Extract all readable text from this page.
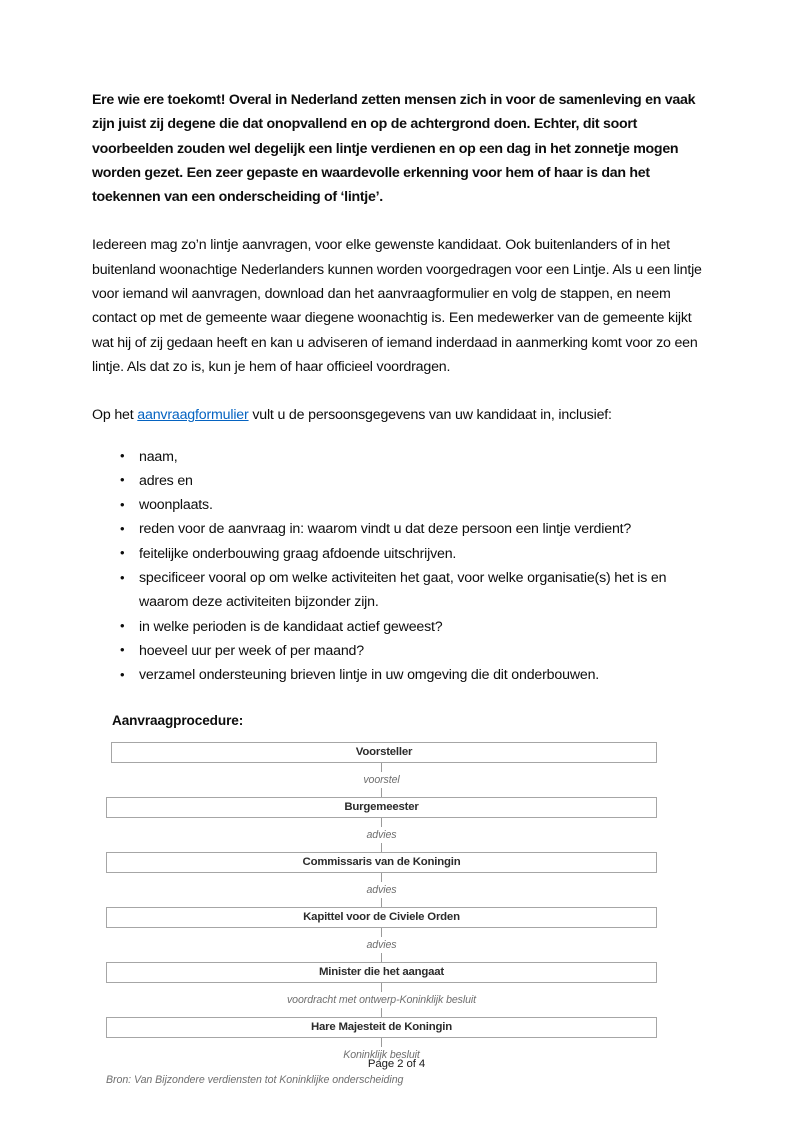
Ere wie ere toekomt! Overal in Nederland zetten mensen zich in voor de samenleving en vaak zijn juist zij degene die dat onopvallend en op de achtergrond doen. Echter, dit soort voorbeelden zouden wel degelijk een lintje verdienen en op een dag in het zonnetje mogen worden gezet. Een zeer gepaste en waardevolle erkenning voor hem of haar is dan het toekennen van een onderscheiding of ‘lintje’.

Iedereen mag zo’n lintje aanvragen, voor elke gewenste kandidaat. Ook buitenlanders of in het buitenland woonachtige Nederlanders kunnen worden voorgedragen voor een Lintje. Als u een lintje voor iemand wil aanvragen, download dan het aanvraagformulier en volg de stappen, en neem contact op met de gemeente waar diegene woonachtig is. Een medewerker van de gemeente kijkt wat hij of zij gedaan heeft en kan u adviseren of iemand inderdaad in aanmerking komt voor zo een lintje. Als dat zo is, kun je hem of haar officieel voordragen.

Op het aanvraagformulier vult u de persoonsgegevens van uw kandidaat in, inclusief:

• naam,
• adres en
• woonplaats.
• reden voor de aanvraag in: waarom vindt u dat deze persoon een lintje verdient?
• feitelijke onderbouwing graag afdoende uitschrijven.
• specificeer vooral op om welke activiteiten het gaat, voor welke organisatie(s) het is en waarom deze activiteiten bijzonder zijn.
• in welke perioden is de kandidaat actief geweest?
• hoeveel uur per week of per maand?
• verzamel ondersteuning brieven lintje in uw omgeving die dit onderbouwen.
Aanvraagprocedure:
Voorsteller
voorstel
Burgemeester
advies
Commissaris van de Koningin
advies
Kapittel voor de Civiele Orden
advies
Minister die het aangaat
voordracht met ontwerp-Koninklijk besluit
Hare Majesteit de Koningin
Koninklijk besluit
Bron: Van Bijzondere verdiensten tot Koninklijke onderscheiding
Page 2 of 4
